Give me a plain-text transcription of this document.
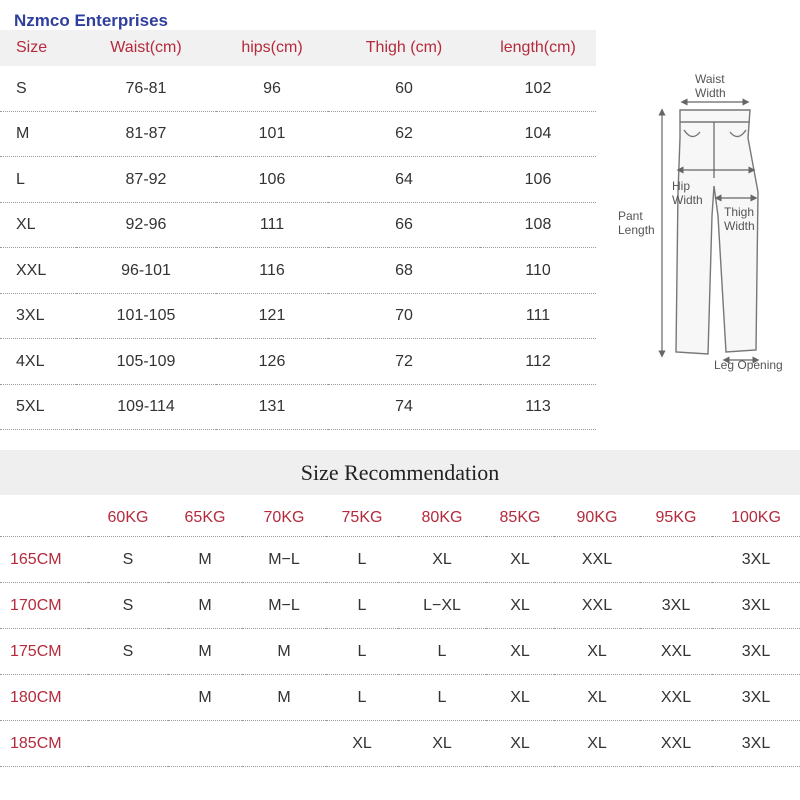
Nzmco Enterprises
Size	Waist(cm)	hips(cm)	Thigh (cm)	length(cm)
S	76-81	96	60	102
M	81-87	101	62	104
L	87-92	106	64	106
XL	92-96	111	66	108
XXL	96-101	116	68	110
3XL	101-105	121	70	111
4XL	105-109	126	72	112
5XL	109-114	131	74	113
Waist
Width
Hip
Width
Thigh
Width
Pant
Length
Leg Opening
Size Recommendation
	60KG	65KG	70KG	75KG	80KG	85KG	90KG	95KG	100KG
165CM	S	M	M−L	L	XL	XL	XXL		3XL
170CM	S	M	M−L	L	L−XL	XL	XXL	3XL	3XL
175CM	S	M	M	L	L	XL	XL	XXL	3XL
180CM		M	M	L	L	XL	XL	XXL	3XL
185CM				XL	XL	XL	XL	XXL	3XL
